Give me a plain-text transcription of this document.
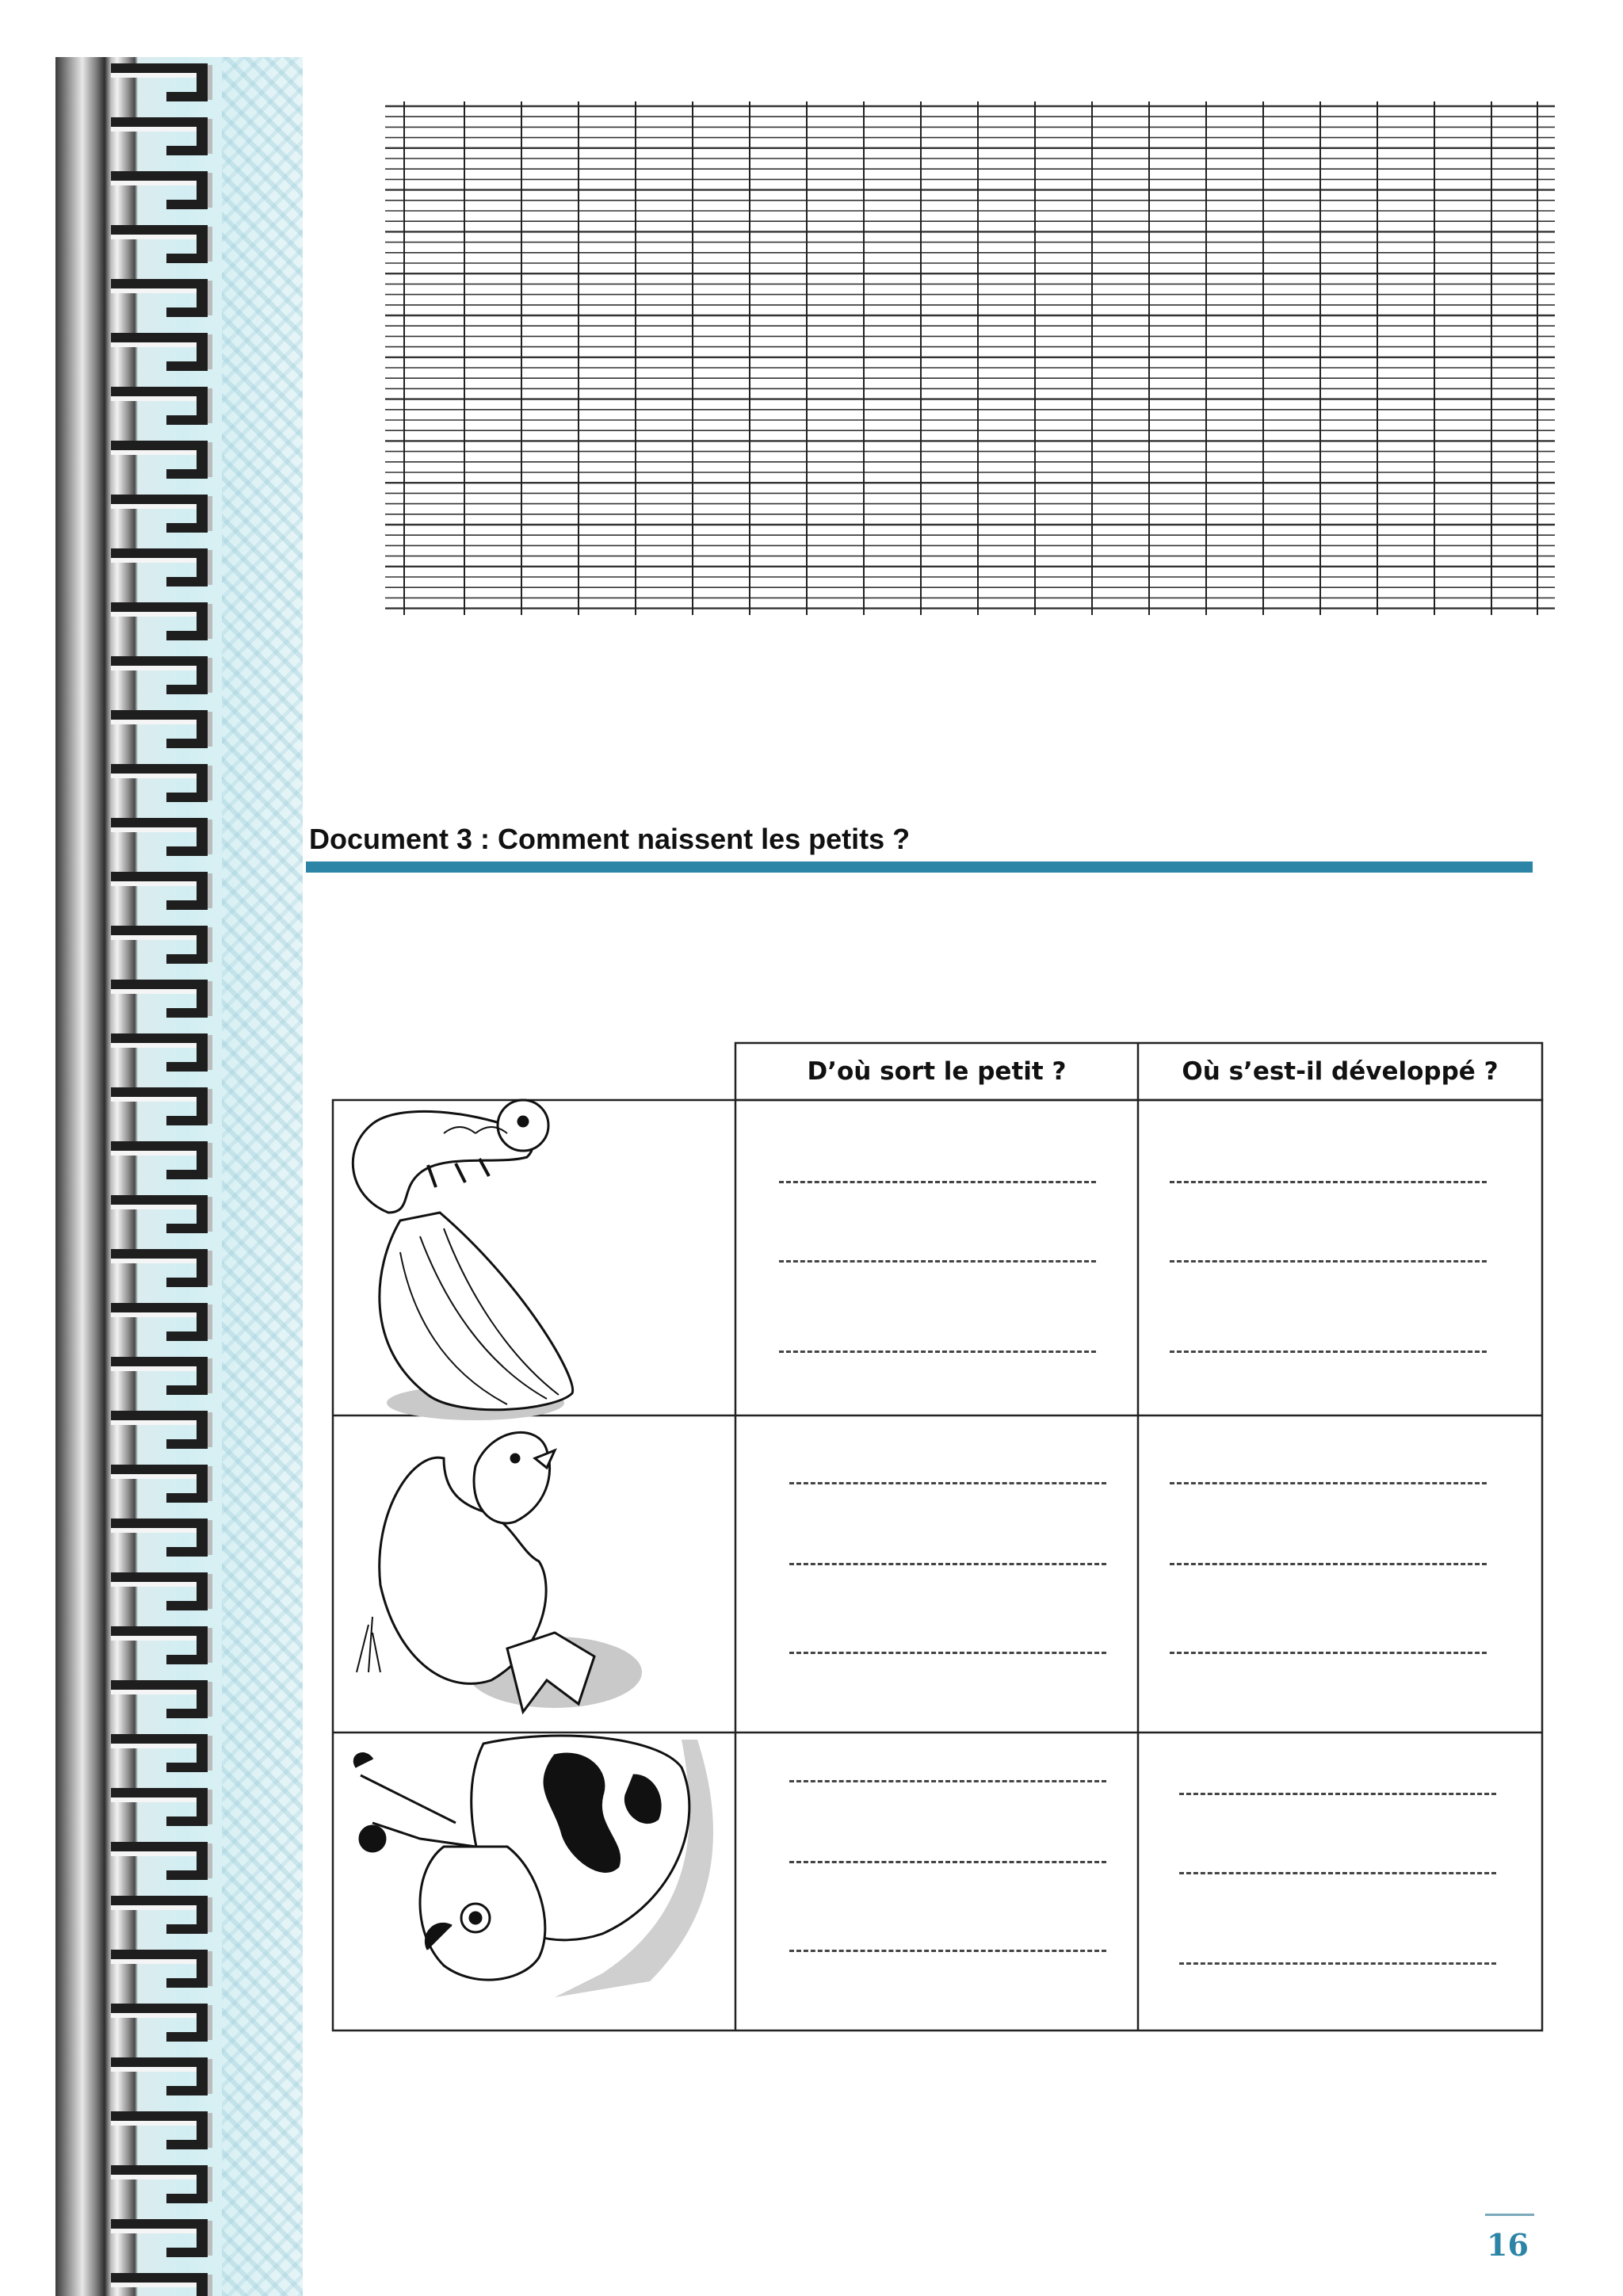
Document 3 : Comment naissent les petits ?
D’où sort le petit ?	Où s’est-il développé ?
16
